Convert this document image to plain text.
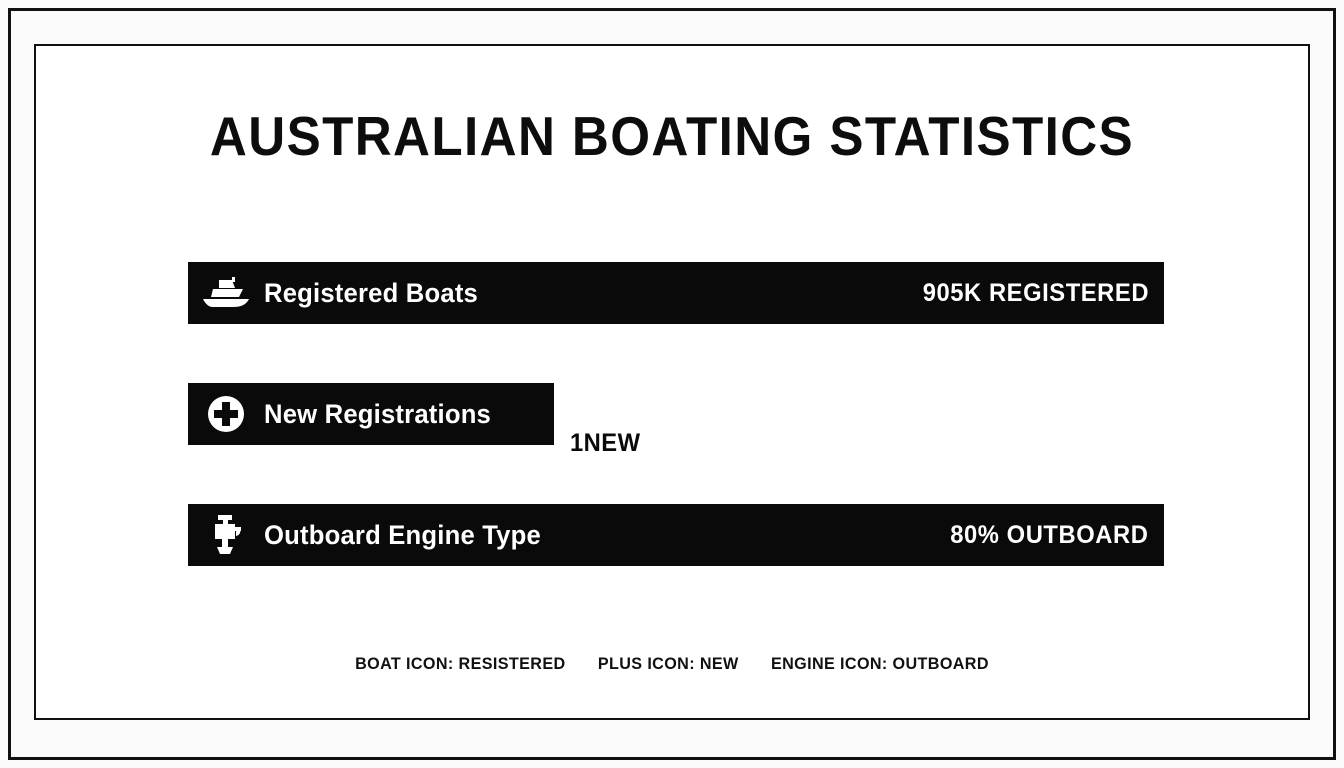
AUSTRALIAN BOATING STATISTICS
Registered Boats	905K REGISTERED
New Registrations
1NEW
Outboard Engine Type	80% OUTBOARD
BOAT ICON: RESISTERED PLUS ICON: NEW ENGINE ICON: OUTBOARD
